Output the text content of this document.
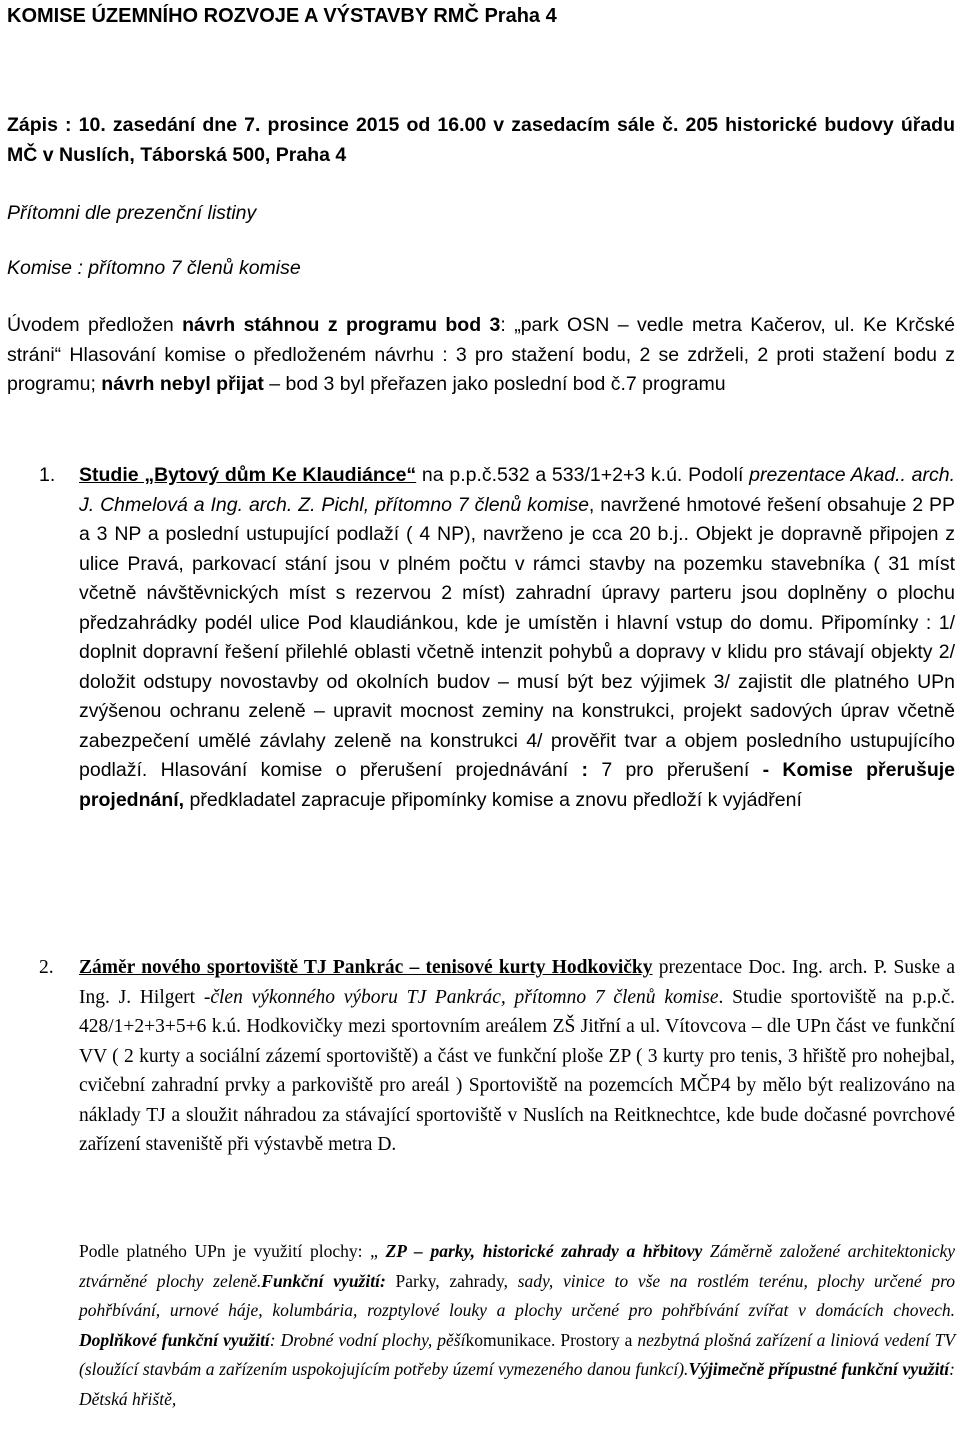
KOMISE ÚZEMNÍHO ROZVOJE A VÝSTAVBY RMČ Praha 4
Zápis : 10. zasedání dne 7. prosince 2015 od 16.00 v zasedacím sále č. 205 historické budovy úřadu MČ v Nuslích, Táborská 500, Praha 4
Přítomni dle prezenční listiny
Komise : přítomno 7 členů komise
Úvodem předložen návrh stáhnou z programu bod 3: „park OSN – vedle metra Kačerov, ul. Ke Krčské stráni“ Hlasování komise o předloženém návrhu : 3 pro stažení bodu, 2 se zdrželi, 2 proti stažení bodu z programu; návrh nebyl přijat – bod 3 byl přeřazen jako poslední bod č.7 programu
1. Studie „Bytový dům Ke Klaudiánce“ na p.p.č.532 a 533/1+2+3 k.ú. Podolí prezentace Akad.. arch. J. Chmelová a Ing. arch. Z. Pichl, přítomno 7 členů komise, navržené hmotové řešení obsahuje 2 PP a 3 NP a poslední ustupující podlaží ( 4 NP), navrženo je cca 20 b.j.. Objekt je dopravně připojen z ulice Pravá, parkovací stání jsou v plném počtu v rámci stavby na pozemku stavebníka ( 31 míst včetně návštěvnických míst s rezervou 2 míst) zahradní úpravy parteru jsou doplněny o plochu předzahrádky podél ulice Pod klaudiánkou, kde je umístěn i hlavní vstup do domu. Připomínky : 1/ doplnit dopravní řešení přilehlé oblasti včetně intenzit pohybů a dopravy v klidu pro stávají objekty 2/ doložit odstupy novostavby od okolních budov – musí být bez výjimek 3/ zajistit dle platného UPn zvýšenou ochranu zeleně – upravit mocnost zeminy na konstrukci, projekt sadových úprav včetně zabezpečení umělé závlahy zeleně na konstrukci 4/ prověřit tvar a objem posledního ustupujícího podlaží. Hlasování komise o přerušení projednávání : 7 pro přerušení - Komise přerušuje projednání, předkladatel zapracuje připomínky komise a znovu předloží k vyjádření
2. Záměr nového sportoviště TJ Pankrác – tenisové kurty Hodkovičky prezentace Doc. Ing. arch. P. Suske a Ing. J. Hilgert -člen výkonného výboru TJ Pankrác, přítomno 7 členů komise. Studie sportoviště na p.p.č. 428/1+2+3+5+6 k.ú. Hodkovičky mezi sportovním areálem ZŠ Jitřní a ul. Vítovcova – dle UPn část ve funkční VV ( 2 kurty a sociální zázemí sportoviště) a část ve funkční ploše ZP ( 3 kurty pro tenis, 3 hřiště pro nohejbal, cvičební zahradní prvky a parkoviště pro areál ) Sportoviště na pozemcích MČP4 by mělo být realizováno na náklady TJ a sloužit náhradou za stávající sportoviště v Nuslích na Reitknechtce, kde bude dočasné povrchové zařízení staveniště při výstavbě metra D.
Podle platného UPn je využití plochy: „ ZP – parky, historické zahrady a hřbitovy Záměrně založené architektonicky ztvárněné plochy zeleně.Funkční využití: Parky, zahrady, sady, vinice to vše na rostlém terénu, plochy určené pro pohřbívání, urnové háje, kolumbária, rozptylové louky a plochy určené pro pohřbívání zvířat v domácích chovech. Doplňkové funkční využití: Drobné vodní plochy, pěšíkomunikace. Prostory a nezbytná plošná zařízení a liniová vedení TV (sloužící stavbám a zařízením uspokojujícím potřeby území vymezeného danou funkcí).Výjimečně přípustné funkční využití: Dětská hřiště,
